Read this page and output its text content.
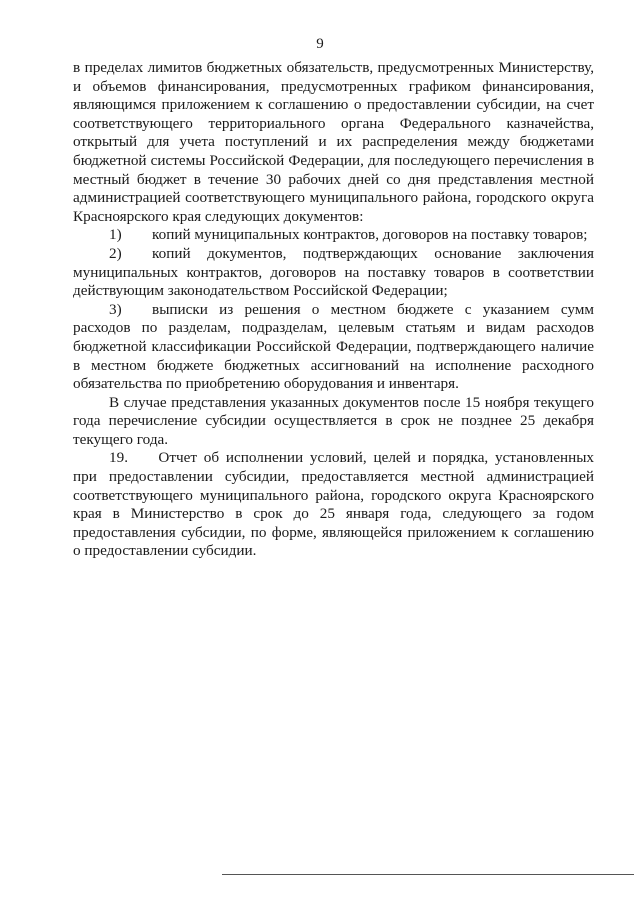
9

в пределах лимитов бюджетных обязательств, предусмотренных Министерству, и объемов финансирования, предусмотренных графиком финансирования, являющимся приложением к соглашению о предоставлении субсидии, на счет соответствующего территориального органа Федерального казначейства, открытый для учета поступлений и их распределения между бюджетами бюджетной системы Российской Федерации, для последующего перечисления в местный бюджет в течение 30 рабочих дней со дня представления местной администрацией соответствующего муниципального района, городского округа Красноярского края следующих документов:

1)  копий муниципальных контрактов, договоров на поставку товаров;

2)  копий документов, подтверждающих основание заключения муниципальных контрактов, договоров на поставку товаров в соответствии действующим законодательством Российской Федерации;

3)  выписки из решения о местном бюджете с указанием сумм расходов по разделам, подразделам, целевым статьям и видам расходов бюджетной классификации Российской Федерации, подтверждающего наличие в местном бюджете бюджетных ассигнований на исполнение расходного обязательства по приобретению оборудования и инвентаря.

В случае представления указанных документов после 15 ноября текущего года перечисление субсидии осуществляется в срок не позднее 25 декабря текущего года.

19.  Отчет об исполнении условий, целей и порядка, установленных при предоставлении субсидии, предоставляется местной администрацией соответствующего муниципального района, городского округа Красноярского края в Министерство в срок до 25 января года, следующего за годом предоставления субсидии, по форме, являющейся приложением к соглашению о предоставлении субсидии.
